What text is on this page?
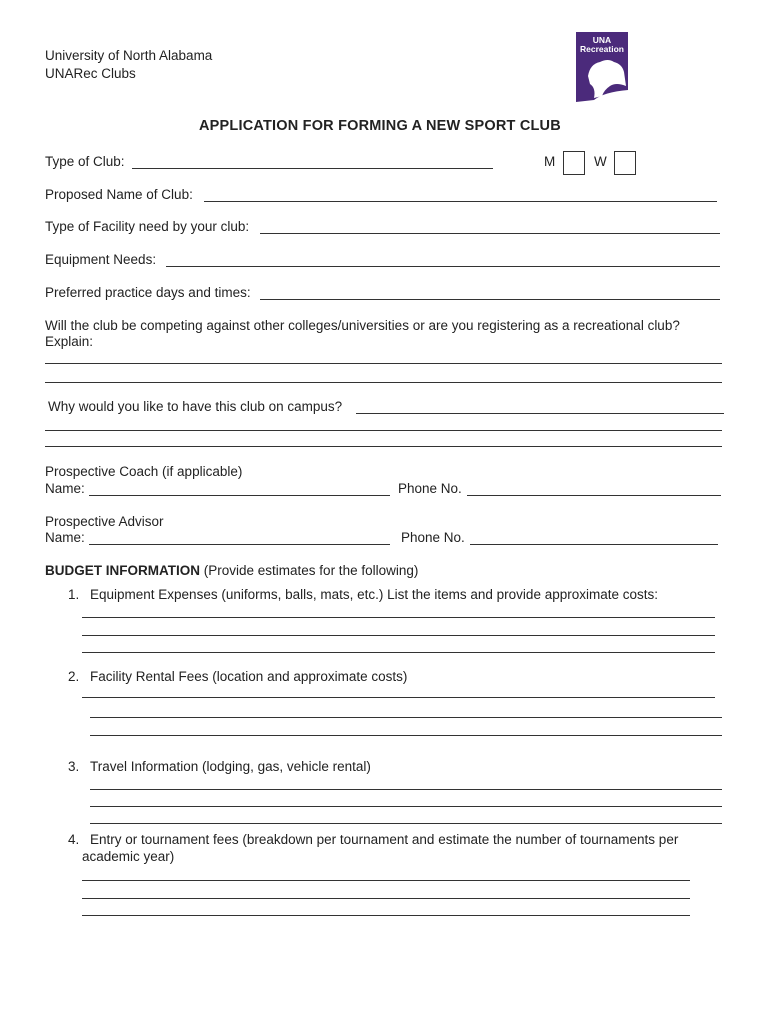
University of North Alabama
UNARec Clubs
UNA
Recreation
APPLICATION FOR FORMING A NEW SPORT CLUB
Type of Club:	M	W
Proposed Name of Club:
Type of Facility need by your club:
Equipment Needs:
Preferred practice days and times:
Will the club be competing against other colleges/universities or are you registering as a recreational club?
Explain:
Why would you like to have this club on campus?
Prospective Coach (if applicable)
Name:	Phone No.
Prospective Advisor
Name:	Phone No.
BUDGET INFORMATION (Provide estimates for the following)
1. Equipment Expenses (uniforms, balls, mats, etc.) List the items and provide approximate costs:
2. Facility Rental Fees (location and approximate costs)
3. Travel Information (lodging, gas, vehicle rental)
4. Entry or tournament fees (breakdown per tournament and estimate the number of tournaments per
academic year)
